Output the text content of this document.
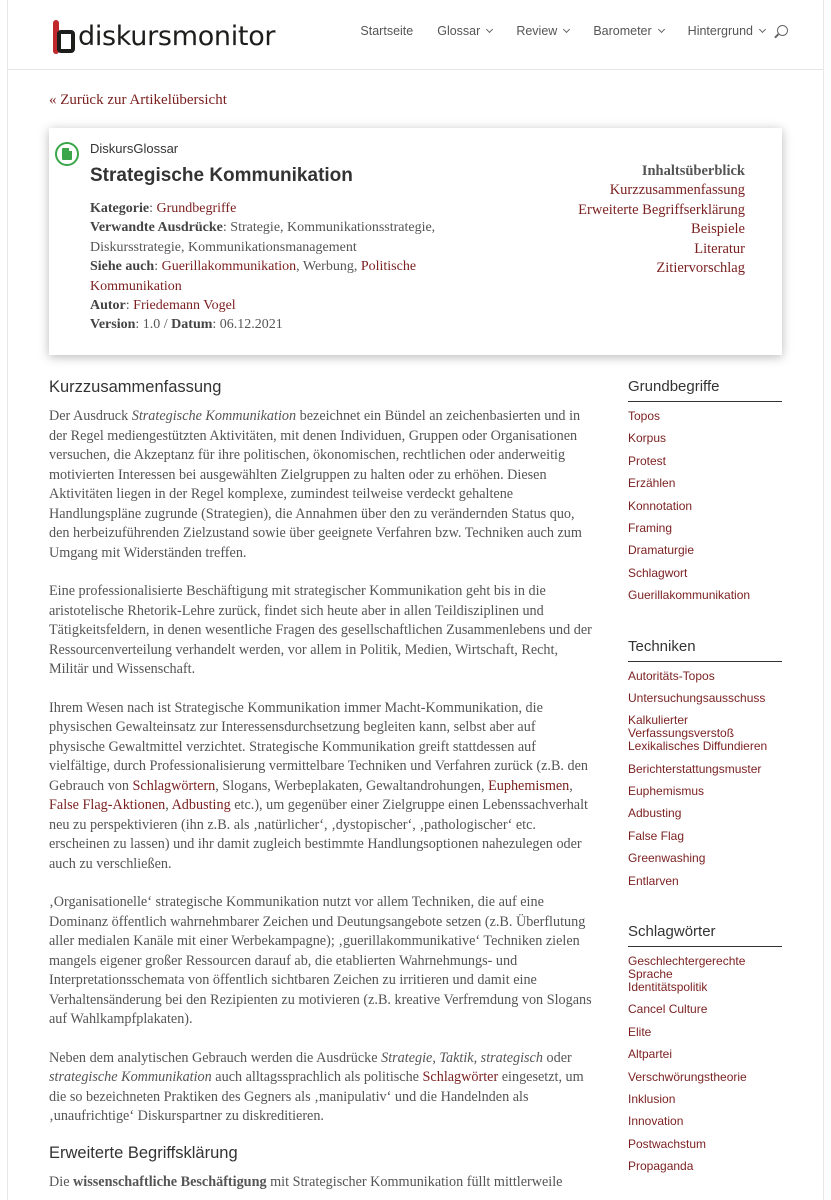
diskursmonitor	Startseite Glossar	Review	Barometer	Hintergrund
« Zurück zur Artikelübersicht
DiskursGlossar
Strategische Kommunikation
Kategorie: Grundbegriffe
Verwandte Ausdrücke: Strategie, Kommunikationsstrategie, Diskursstrategie, Kommunikationsmanagement
Siehe auch: Guerillakommunikation, Werbung, Politische Kommunikation
Autor: Friedemann Vogel
Version: 1.0 / Datum: 06.12.2021
Inhaltsüberblick
Kurzzusammenfassung
Erweiterte Begriffserklärung
Beispiele
Literatur
Zitiervorschlag
Kurzzusammenfassung

Der Ausdruck Strategische Kommunikation bezeichnet ein Bündel an zeichenbasierten und in der Regel mediengestützten Aktivitäten, mit denen Individuen, Gruppen oder Organisationen versuchen, die Akzeptanz für ihre politischen, ökonomischen, rechtlichen oder anderweitig motivierten Interessen bei ausgewählten Zielgruppen zu halten oder zu erhöhen. Diesen Aktivitäten liegen in der Regel komplexe, zumindest teilweise verdeckt gehaltene Handlungspläne zugrunde (Strategien), die Annahmen über den zu verändernden Status quo, den herbeizuführenden Zielzustand sowie über geeignete Verfahren bzw. Techniken auch zum Umgang mit Widerständen treffen.

Eine professionalisierte Beschäftigung mit strategischer Kommunikation geht bis in die aristotelische Rhetorik-Lehre zurück, findet sich heute aber in allen Teildisziplinen und Tätigkeitsfeldern, in denen wesentliche Fragen des gesellschaftlichen Zusammenlebens und der Ressourcenverteilung verhandelt werden, vor allem in Politik, Medien, Wirtschaft, Recht, Militär und Wissenschaft.

Ihrem Wesen nach ist Strategische Kommunikation immer Macht-Kommunikation, die physischen Gewalteinsatz zur Interessensdurchsetzung begleiten kann, selbst aber auf physische Gewaltmittel verzichtet. Strategische Kommunikation greift stattdessen auf vielfältige, durch Professionalisierung vermittelbare Techniken und Verfahren zurück (z.B. den Gebrauch von Schlagwörtern, Slogans, Werbeplakaten, Gewaltandrohungen, Euphemismen, False Flag-Aktionen, Adbusting etc.), um gegenüber einer Zielgruppe einen Lebenssachverhalt neu zu perspektivieren (ihn z.B. als ‚natürlicher‘, ‚dystopischer‘, ‚pathologischer‘ etc. erscheinen zu lassen) und ihr damit zugleich bestimmte Handlungsoptionen nahezulegen oder auch zu verschließen.

‚Organisationelle‘ strategische Kommunikation nutzt vor allem Techniken, die auf eine Dominanz öffentlich wahrnehmbarer Zeichen und Deutungsangebote setzen (z.B. Überflutung aller medialen Kanäle mit einer Werbekampagne); ‚guerillakommunikative‘ Techniken zielen mangels eigener großer Ressourcen darauf ab, die etablierten Wahrnehmungs- und Interpretationsschemata von öffentlich sichtbaren Zeichen zu irritieren und damit eine Verhaltensänderung bei den Rezipienten zu motivieren (z.B. kreative Verfremdung von Slogans auf Wahlkampfplakaten).

Neben dem analytischen Gebrauch werden die Ausdrücke Strategie, Taktik, strategisch oder strategische Kommunikation auch alltagssprachlich als politische Schlagwörter eingesetzt, um die so bezeichneten Praktiken des Gegners als ‚manipulativ‘ und die Handelnden als ‚unaufrichtige‘ Diskurspartner zu diskreditieren.

Erweiterte Begriffsklärung

Die wissenschaftliche Beschäftigung mit Strategischer Kommunikation füllt mittlerweile

Grundbegriffe
Topos
Korpus
Protest
Erzählen
Konnotation
Framing
Dramaturgie
Schlagwort
Guerillakommunikation
Techniken
Autoritäts-Topos
Untersuchungsausschuss
Kalkulierter Verfassungsverstoß
Lexikalisches Diffundieren
Berichterstattungsmuster
Euphemismus
Adbusting
False Flag
Greenwashing
Entlarven
Schlagwörter
Geschlechtergerechte Sprache
Identitätspolitik
Cancel Culture
Elite
Altpartei
Verschwörungstheorie
Inklusion
Innovation
Postwachstum
Propaganda
